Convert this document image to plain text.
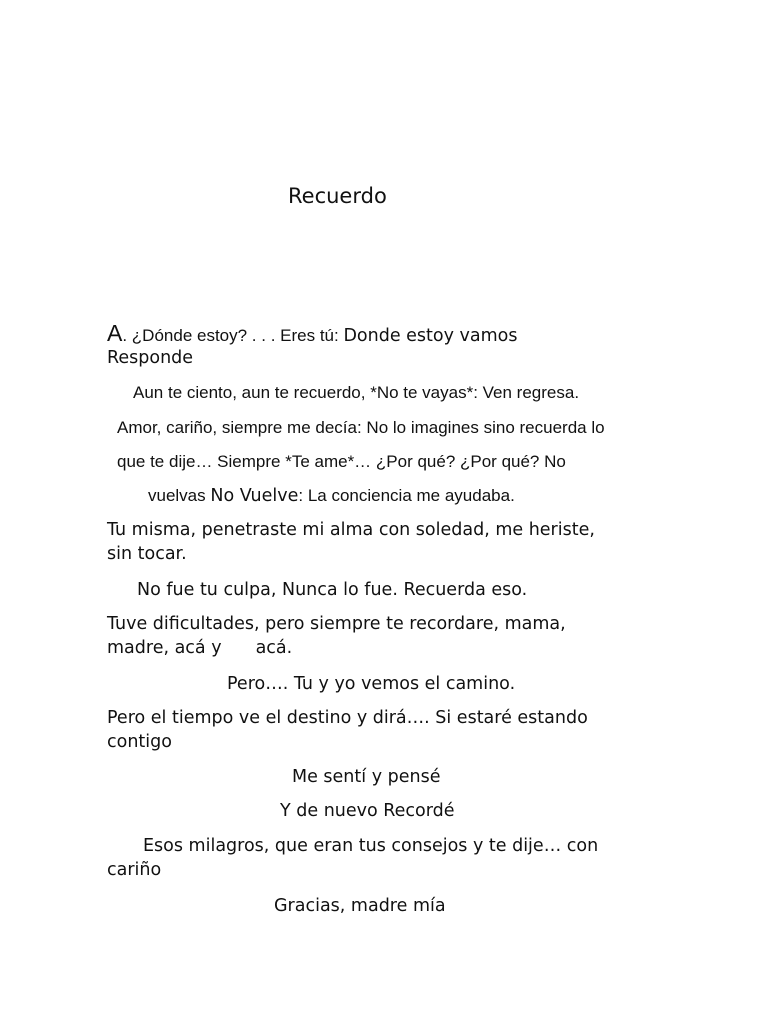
Recuerdo
A. ¿Dónde estoy? . . . Eres tú: Donde estoy vamos
Responde
Aun te ciento, aun te recuerdo, *No te vayas*: Ven regresa.
Amor, cariño, siempre me decía: No lo imagines sino recuerda lo
que te dije… Siempre *Te ame*… ¿Por qué? ¿Por qué? No
vuelvas No Vuelve: La conciencia me ayudaba.
Tu misma, penetraste mi alma con soledad, me heriste,
sin tocar.
No fue tu culpa, Nunca lo fue. Recuerda eso.
Tuve dificultades, pero siempre te recordare, mama,
madre, acá y acá.
Pero…. Tu y yo vemos el camino.
Pero el tiempo ve el destino y dirá…. Si estaré estando
contigo
Me sentí y pensé
Y de nuevo Recordé
Esos milagros, que eran tus consejos y te dije… con
cariño
Gracias, madre mía
